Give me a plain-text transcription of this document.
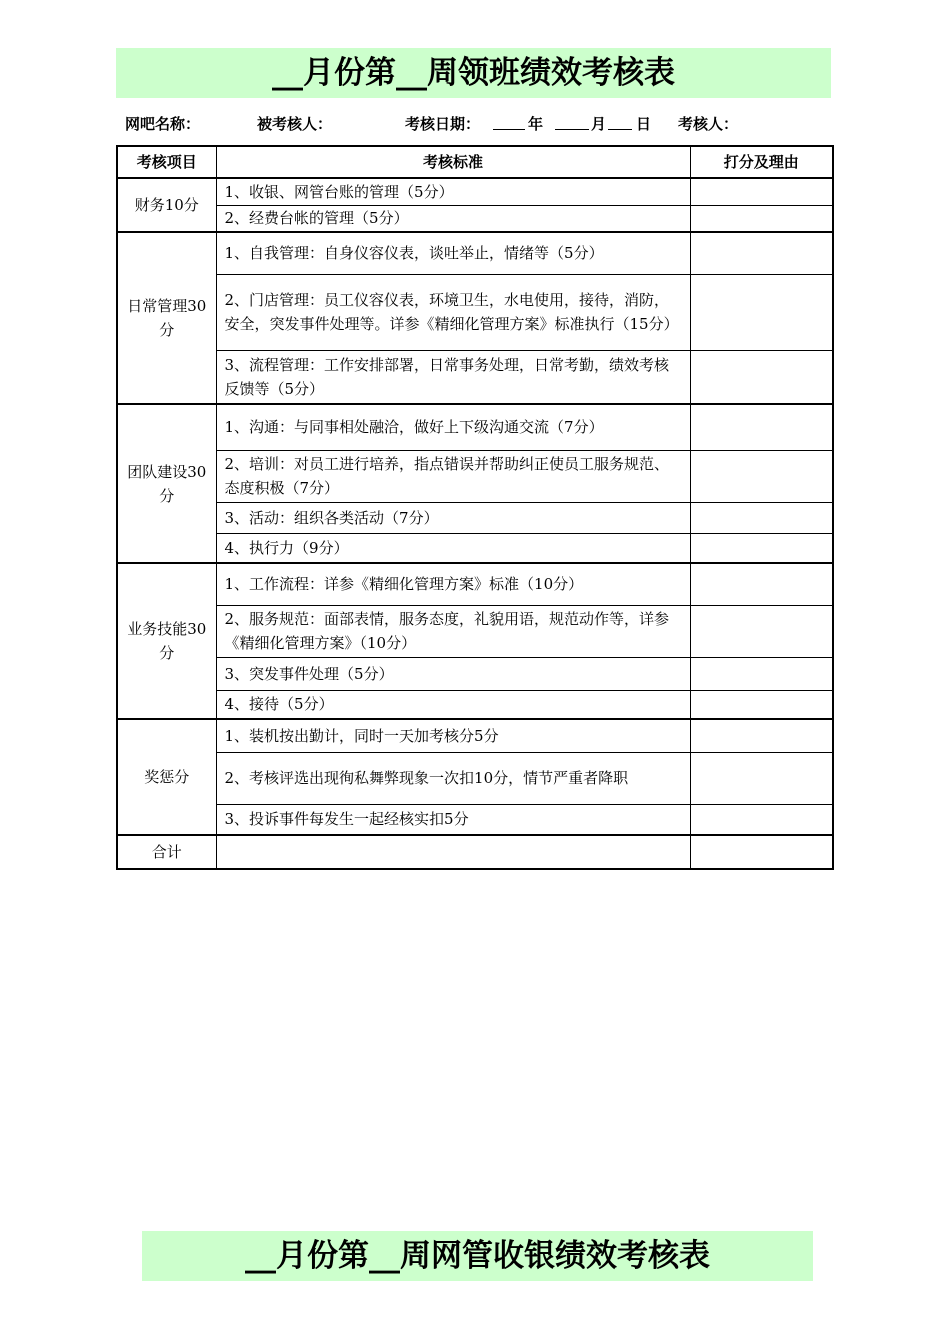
__月份第__周领班绩效考核表
网吧名称：	被考核人：	考核日期：	年	月 日 考核人：
考核项目	考核标准	打分及理由
财务10分	1、收银、网管台账的管理（5分）	
	2、经费台帐的管理（5分）	
日常管理30分	1、自我管理：自身仪容仪表，谈吐举止，情绪等（5分）	
	2、门店管理：员工仪容仪表，环境卫生，水电使用，接待，消防，安全，突发事件处理等。详参《精细化管理方案》标准执行（15分）	
	3、流程管理：工作安排部署，日常事务处理，日常考勤，绩效考核反馈等（5分）	
团队建设30分	1、沟通：与同事相处融洽，做好上下级沟通交流（7分）	
	2、培训：对员工进行培养，指点错误并帮助纠正使员工服务规范、态度积极（7分）	
	3、活动：组织各类活动（7分）	
	4、执行力（9分）	
业务技能30分	1、工作流程：详参《精细化管理方案》标准（10分）	
	2、服务规范：面部表情，服务态度，礼貌用语，规范动作等，详参《精细化管理方案》（10分）	
	3、突发事件处理（5分）	
	4、接待（5分）	
奖惩分	1、装机按出勤计，同时一天加考核分5分	
	2、考核评选出现徇私舞弊现象一次扣10分，情节严重者降职	
	3、投诉事件每发生一起经核实扣5分	
合计		
__月份第__周网管收银绩效考核表
